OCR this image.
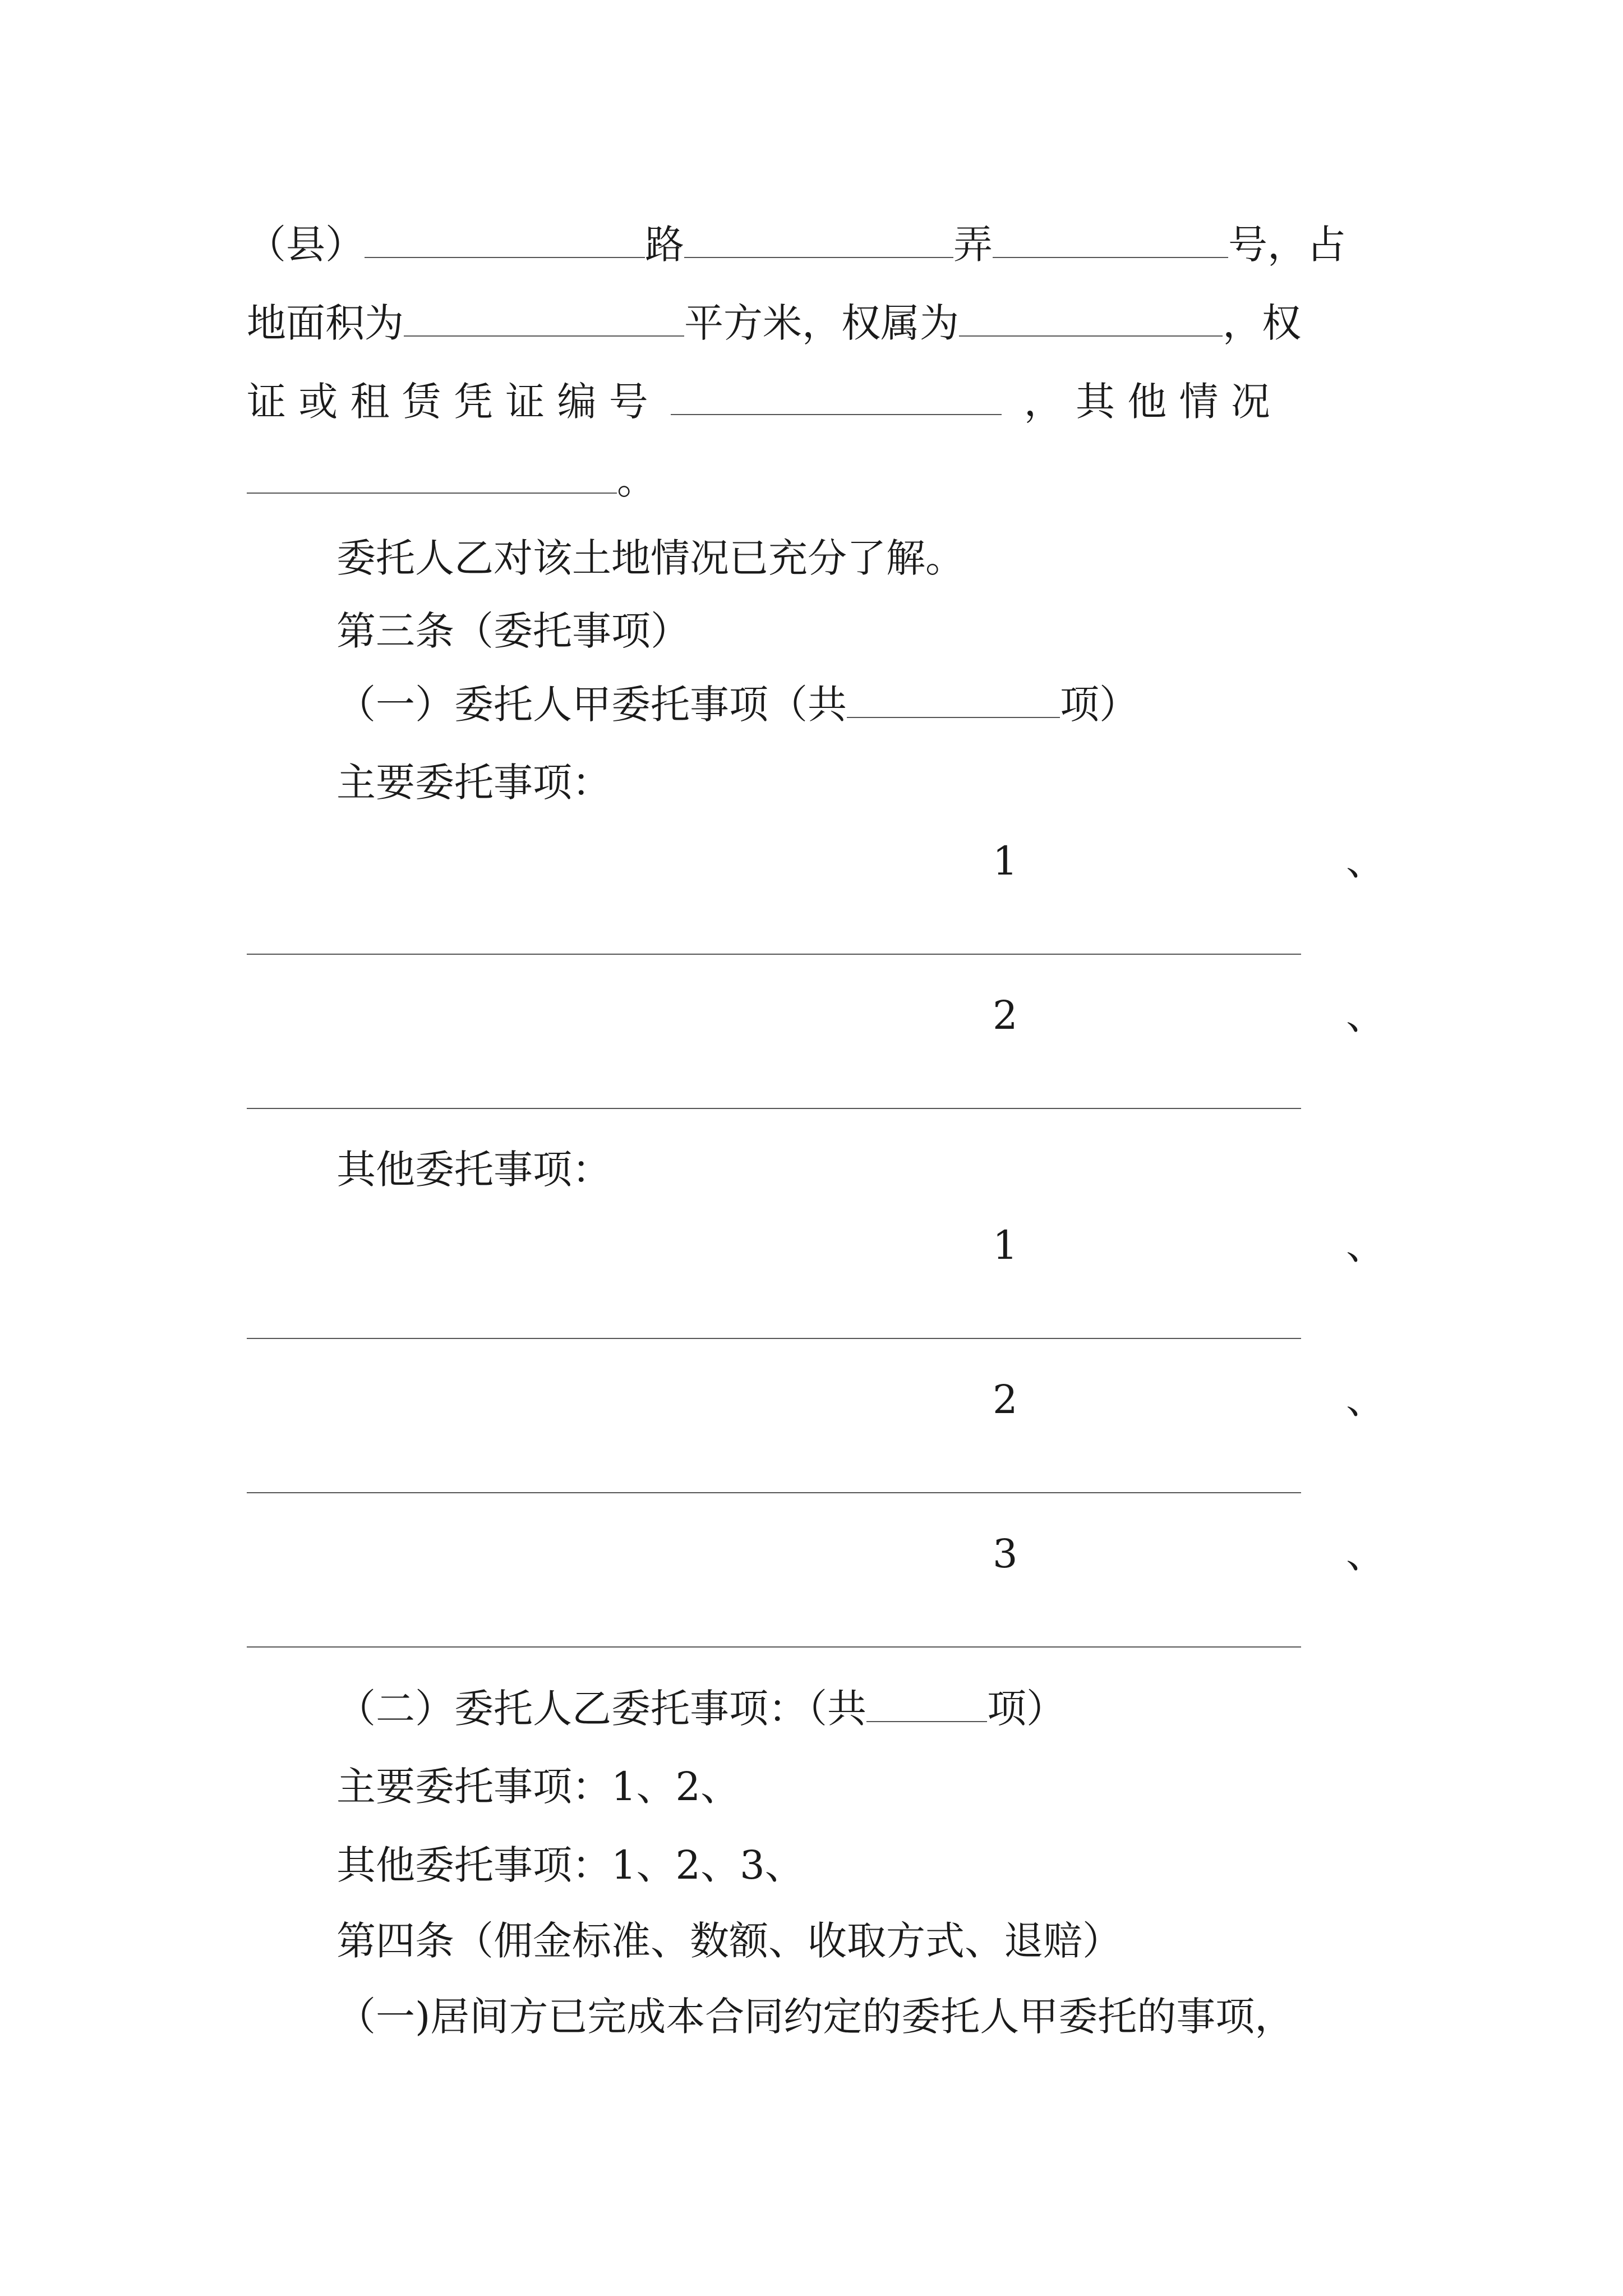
（县）	路	弄	号，占
地面积为	平方米，权属为	，权
证 或 租 赁 凭 证 编 号	， 其 他 情 况
。
委托人乙对该土地情况已充分了解。
第三条（委托事项）
（一）委托人甲委托事项（共	项）
主要委托事项：
1	、
2	、
其他委托事项：
1	、
2	、
3	、
（二）委托人乙委托事项：（共	项）
主要委托事项：1、2、
其他委托事项：1、2、3、
第四条（佣金标准、数额、收取方式、退赔）
（一)居间方已完成本合同约定的委托人甲委托的事项，
